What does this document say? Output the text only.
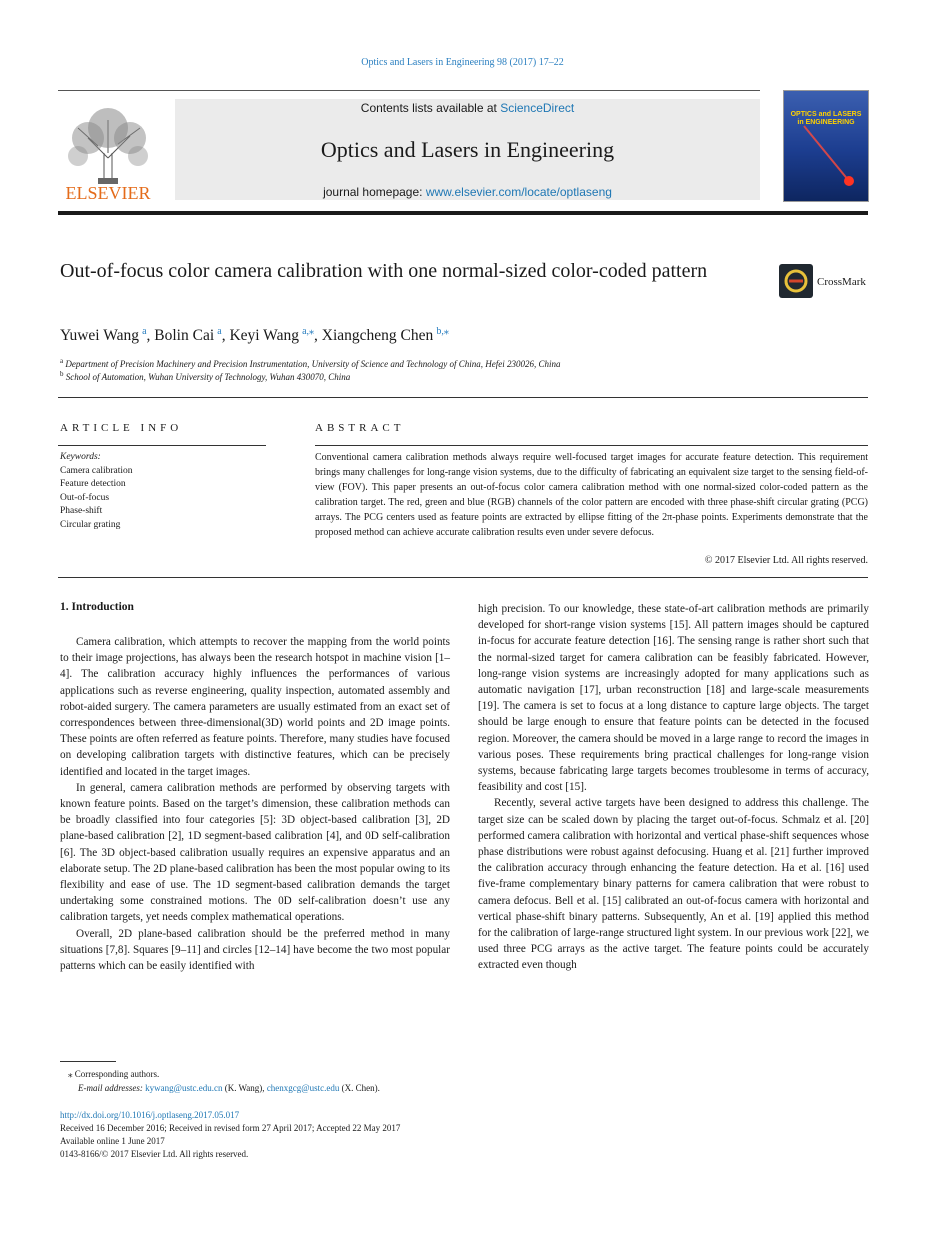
Optics and Lasers in Engineering 98 (2017) 17–22
ELSEVIER
Contents lists available at ScienceDirect
Optics and Lasers in Engineering
journal homepage: www.elsevier.com/locate/optlaseng
OPTICS and LASERS in ENGINEERING
Out-of-focus color camera calibration with one normal-sized color-coded pattern	CrossMark
Yuwei Wang  $^a$, Bolin Cai  $^a$, Keyi Wang  $^{a,⁎}$, Xiangcheng Chen  $^{b,⁎}$
$^a$ Department of Precision Machinery and Precision Instrumentation, University of Science and Technology of China, Hefei 230026, China
$^b$ School of Automation, Wuhan University of Technology, Wuhan 430070, China
ARTICLE INFO
Keywords:
Camera calibration
Feature detection
Out-of-focus
Phase-shift
Circular grating
ABSTRACT
Conventional camera calibration methods always require well-focused target images for accurate feature detection. This requirement brings many challenges for long-range vision systems, due to the difficulty of fabricating an equivalent size target to the sensing field-of-view (FOV). This paper presents an out-of-focus color camera calibration method with one normal-sized color-coded pattern as the calibration target. The red, green and blue (RGB) channels of the color pattern are encoded with three phase-shift circular grating (PCG) arrays. The PCG centers used as feature points are extracted by ellipse fitting of the 2π-phase points. Experiments demonstrate that the proposed method can achieve accurate calibration results even under severe defocus.
© 2017 Elsevier Ltd. All rights reserved.
1. Introduction

Camera calibration, which attempts to recover the mapping from the world points to their image projections, has always been the research hotspot in machine vision [1–4]. The calibration accuracy highly influences the performances of various applications such as reverse engineering, quality inspection, automated assembly and robot-aided surgery. The camera parameters are usually estimated from an exact set of correspondences between three-dimensional(3D) world points and 2D image points. These points are often referred as feature points. Therefore, many studies have focused on developing calibration targets with distinctive features, which can be precisely identified and located in the target images.

In general, camera calibration methods are performed by observing targets with known feature points. Based on the target’s dimension, these calibration methods can be broadly classified into four categories [5]: 3D object-based calibration [3], 2D plane-based calibration [2], 1D segment-based calibration [4], and 0D self-calibration [6]. The 3D object-based calibration usually requires an expensive apparatus and an elaborate setup. The 2D plane-based calibration has been the most popular owing to its flexibility and ease of use. The 1D segment-based calibration demands the target undertaking some constrained motions. The 0D self-calibration doesn’t use any calibration targets, yet needs complex mathematical operations.

Overall, 2D plane-based calibration should be the preferred method in many situations [7,8]. Squares [9–11] and circles [12–14] have become the two most popular patterns which can be easily identified with

high precision. To our knowledge, these state-of-art calibration methods are primarily developed for short-range vision systems [15]. All pattern images should be captured in-focus for accurate feature detection [16]. The sensing range is rather short such that the normal-sized target for camera calibration can be feasibly fabricated. However, long-range vision systems are increasingly adopted for many applications such as automatic navigation [17], urban reconstruction [18] and large-scale measurements [19]. The camera is set to focus at a long distance to capture large objects. The target should be large enough to ensure that feature points can be detected in the focused region. Moreover, the camera should be moved in a large range to record the images in various poses. These requirements bring practical challenges for long-range vision systems, because fabricating large targets becomes troublesome in terms of accuracy, feasibility and cost [15].

Recently, several active targets have been designed to address this challenge. The target size can be scaled down by placing the target out-of-focus. Schmalz et al. [20] performed camera calibration with horizontal and vertical phase-shift sequences whose phase distributions were robust against defocusing. Huang et al. [21] further improved the calibration accuracy through enhancing the feature detection. Ha et al. [16] used five-frame complementary binary patterns for camera calibration that were robust to camera defocus. Bell et al. [15] calibrated an out-of-focus camera with horizontal and vertical phase-shift binary patterns. Subsequently, An et al. [19] applied this method for the calibration of large-range structured light system. In our previous work [22], we used three PCG arrays as the active target. The feature points could be accurately extracted even though

⁎ Corresponding authors.
E-mail addresses: kywang@ustc.edu.cn (K. Wang), chenxgcg@ustc.edu (X. Chen).
http://dx.doi.org/10.1016/j.optlaseng.2017.05.017
Received 16 December 2016; Received in revised form 27 April 2017; Accepted 22 May 2017
Available online 1 June 2017
0143-8166/© 2017 Elsevier Ltd. All rights reserved.
